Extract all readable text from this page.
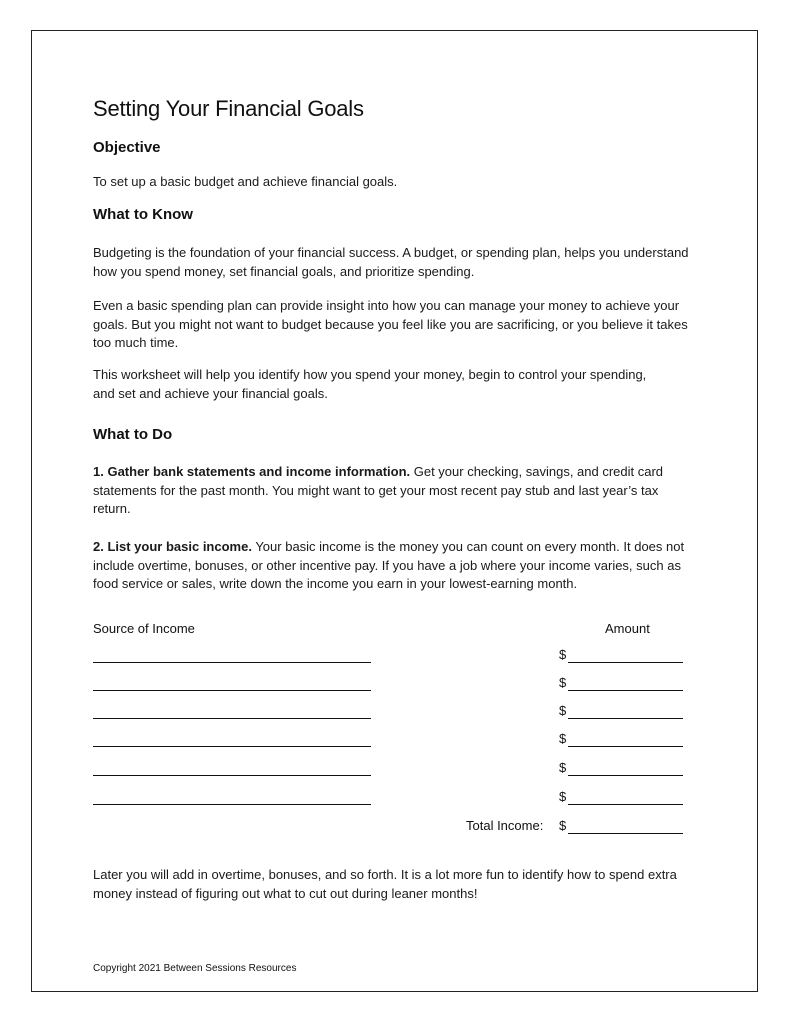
Setting Your Financial Goals
Objective
To set up a basic budget and achieve financial goals.
What to Know
Budgeting is the foundation of your financial success. A budget, or spending plan, helps you understand how you spend money, set financial goals, and prioritize spending.
Even a basic spending plan can provide insight into how you can manage your money to achieve your goals. But you might not want to budget because you feel like you are sacrificing, or you believe it takes too much time.
This worksheet will help you identify how you spend your money, begin to control your spending, and set and achieve your financial goals.
What to Do
1. Gather bank statements and income information. Get your checking, savings, and credit card statements for the past month. You might want to get your most recent pay stub and last year’s tax return.
2. List your basic income. Your basic income is the money you can count on every month. It does not include overtime, bonuses, or other incentive pay. If you have a job where your income varies, such as food service or sales, write down the income you earn in your lowest-earning month.
Source of Income	Amount
$
$
$
$
$
$
Total Income: $
Later you will add in overtime, bonuses, and so forth. It is a lot more fun to identify how to spend extra money instead of figuring out what to cut out during leaner months!
Copyright 2021 Between Sessions Resources
